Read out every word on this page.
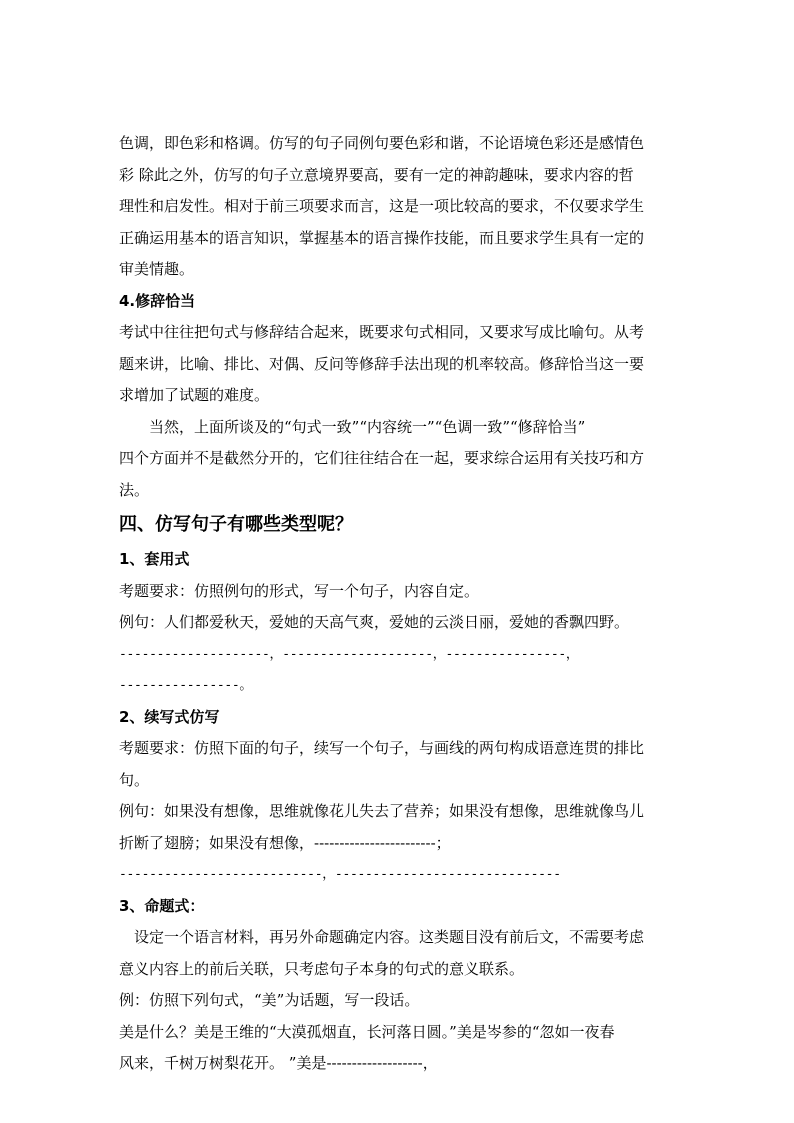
色调，即色彩和格调。仿写的句子同例句要色彩和谐，不论语境色彩还是感情色

彩 除此之外，仿写的句子立意境界要高，要有一定的神韵趣味，要求内容的哲

理性和启发性。相对于前三项要求而言，这是一项比较高的要求，不仅要求学生

正确运用基本的语言知识，掌握基本的语言操作技能，而且要求学生具有一定的

审美情趣。

4.修辞恰当

考试中往往把句式与修辞结合起来，既要求句式相同，又要求写成比喻句。从考

题来讲，比喻、排比、对偶、反问等修辞手法出现的机率较高。修辞恰当这一要

求增加了试题的难度。

当然，上面所谈及的“句式一致”“内容统一”“色调一致”“修辞恰当”

四个方面并不是截然分开的，它们往往结合在一起，要求综合运用有关技巧和方

法。

四、仿写句子有哪些类型呢？

1、套用式

考题要求：仿照例句的形式，写一个句子，内容自定。

例句：人们都爱秋天，爱她的天高气爽，爱她的云淡日丽，爱她的香飘四野。

--------------------，--------------------，----------------，

----------------。

2、续写式仿写

考题要求：仿照下面的句子，续写一个句子，与画线的两句构成语意连贯的排比

句。

例句：如果没有想像，思维就像花儿失去了营养；如果没有想像，思维就像鸟儿

折断了翅膀；如果没有想像，------------------------；

---------------------------，------------------------------

3、命题式：

设定一个语言材料，再另外命题确定内容。这类题目没有前后文，不需要考虑

意义内容上的前后关联，只考虑句子本身的句式的意义联系。

例：仿照下列句式，“美”为话题，写一段话。

美是什么？美是王维的“大漠孤烟直，长河落日圆。”美是岑参的“忽如一夜春

风来，千树万树梨花开。 ”美是-------------------，
